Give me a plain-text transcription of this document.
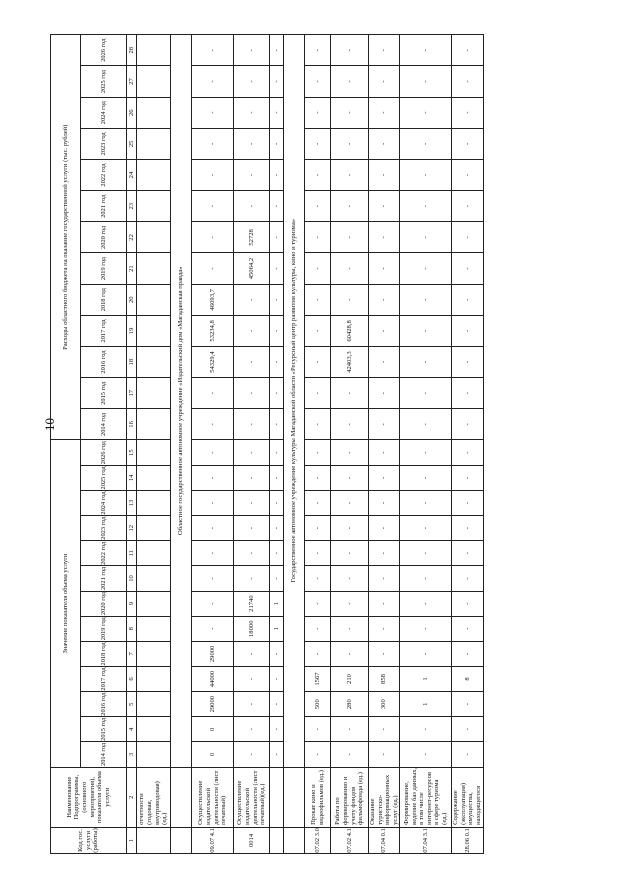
10
Код гос. услуги (работы)	Наименование Подпрограммы, (основного мероприятия), показателя объема услуги	Значение показателя объема услуги													Расходы областного бюджета на оказание государственной услуги (тыс. рублей)												
		2014 год	2015 год	2016 год	2017 год	2018 год	2019 год	2020 год	2021 год	2022 год	2023 год	2024 год	2025 год	2026 год	2014 год	2015 год	2016 год	2017 год	2018 год	2019 год	2020 год	2021 год	2022 год	2023 год	2024 год	2025 год	2026 год
1	2	3	4	5	6	7	8	9	10	11	12	13	14	15	16	17	18	19	20	21	22	23	24	25	26	27	28
	отчетности (годовая, внутриводовая) (ед.)																										
		Областное государственное автономное учреждение «Издательский дом «Магаданская правда»																									
09.07 4.1	Осуществление издательской деятельности (лист печатный)	0	0	29000	44000	29000	-	-	-	-	-	-	-	-	-	-	54329,4	53234,8	46093,7	-	-	-	-	-	-	-	-
0014	Осуществление издательской деятельности (лист печатный)(ед.)	-	-	-	-	-	18000	21740	-	-	-	-	-	-	-	-	-	-	-	45064,2	52728	-	-	-	-	-	-
		-	-	-	-	-	1	1	-	-	-	-	-	-	-	-	-	-	-	-	-	-	-	-	-	-	-
		Государственное автономное учреждение культуры Магаданской области «Ресурсный центр развития культуры, кино и туризма»																									
07.02 3.0	Прокат кино и видеофильмов (ед.)	-	-	500	1567	-	-	-	-	-	-	-	-	-	-	-	-	-	-	-	-	-	-	-	-	-	-
07.02 4.1	Работа по формированию и учету фондов фильмофонда (ед.)	-	-	280	210	-	-	-	-	-	-	-	-	-	-	-	42403,3	60428,8	-	-	-	-	-	-	-	-	-
07.04 0.1	Оказание туристско-информационных услуг (ед.)	-	-	300	858	-	-	-	-	-	-	-	-	-	-	-	-	-	-	-	-	-	-	-	-	-	-
07.04 3.1	Формирование, ведение баз данных, в том числе интернет-ресурсов в сфере туризма (ед.)	-	-	1	1	-	-	-	-	-	-	-	-	-	-	-	-	-	-	-	-	-	-	-	-	-	-
28.06 0.1	Содержание (эксплуатация) имущества, находящегося	-	-	-	8	-	-	-	-	-	-	-	-	-	-	-	-	-	-	-	-	-	-	-	-	-	-
